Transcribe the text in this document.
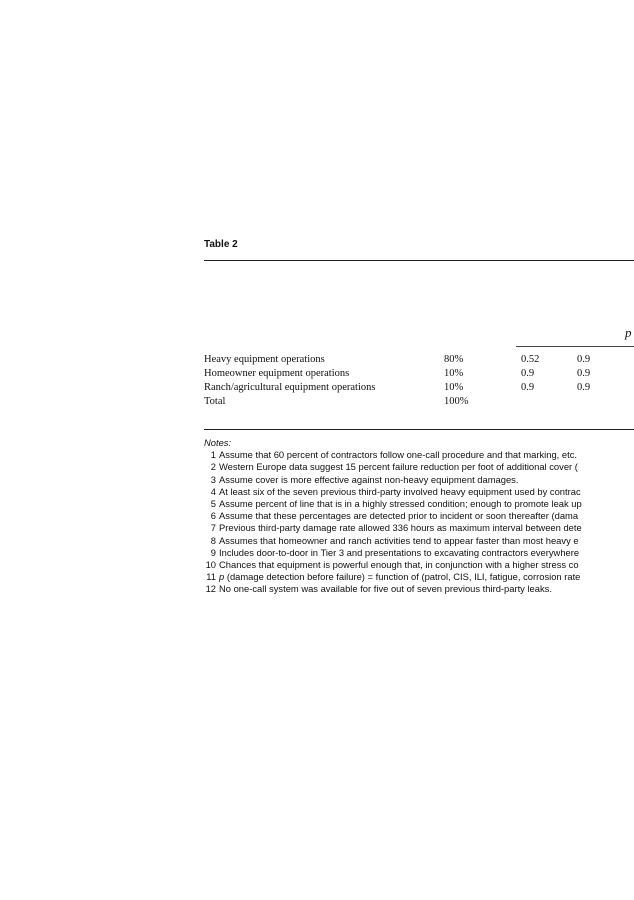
Table 2
p
Heavy equipment operations	80%	0.52	0.9
Homeowner equipment operations	10%	0.9	0.9
Ranch/agricultural equipment operations	10%	0.9	0.9
Total	100%
Notes:
1 Assume that 60 percent of contractors follow one-call procedure and that marking, etc.
2 Western Europe data suggest 15 percent failure reduction per foot of additional cover (
3 Assume cover is more effective against non-heavy equipment damages.
4 At least six of the seven previous third-party involved heavy equipment used by contrac
5 Assume percent of line that is in a highly stressed condition; enough to promote leak up
6 Assume that these percentages are detected prior to incident or soon thereafter (dama
7 Previous third-party damage rate allowed 336 hours as maximum interval between dete
8 Assumes that homeowner and ranch activities tend to appear faster than most heavy e
9 Includes door-to-door in Tier 3 and presentations to excavating contractors everywhere
10 Chances that equipment is powerful enough that, in conjunction with a higher stress co
11 p (damage detection before failure) = function of (patrol, CIS, ILI, fatigue, corrosion rate
12 No one-call system was available for five out of seven previous third-party leaks.
